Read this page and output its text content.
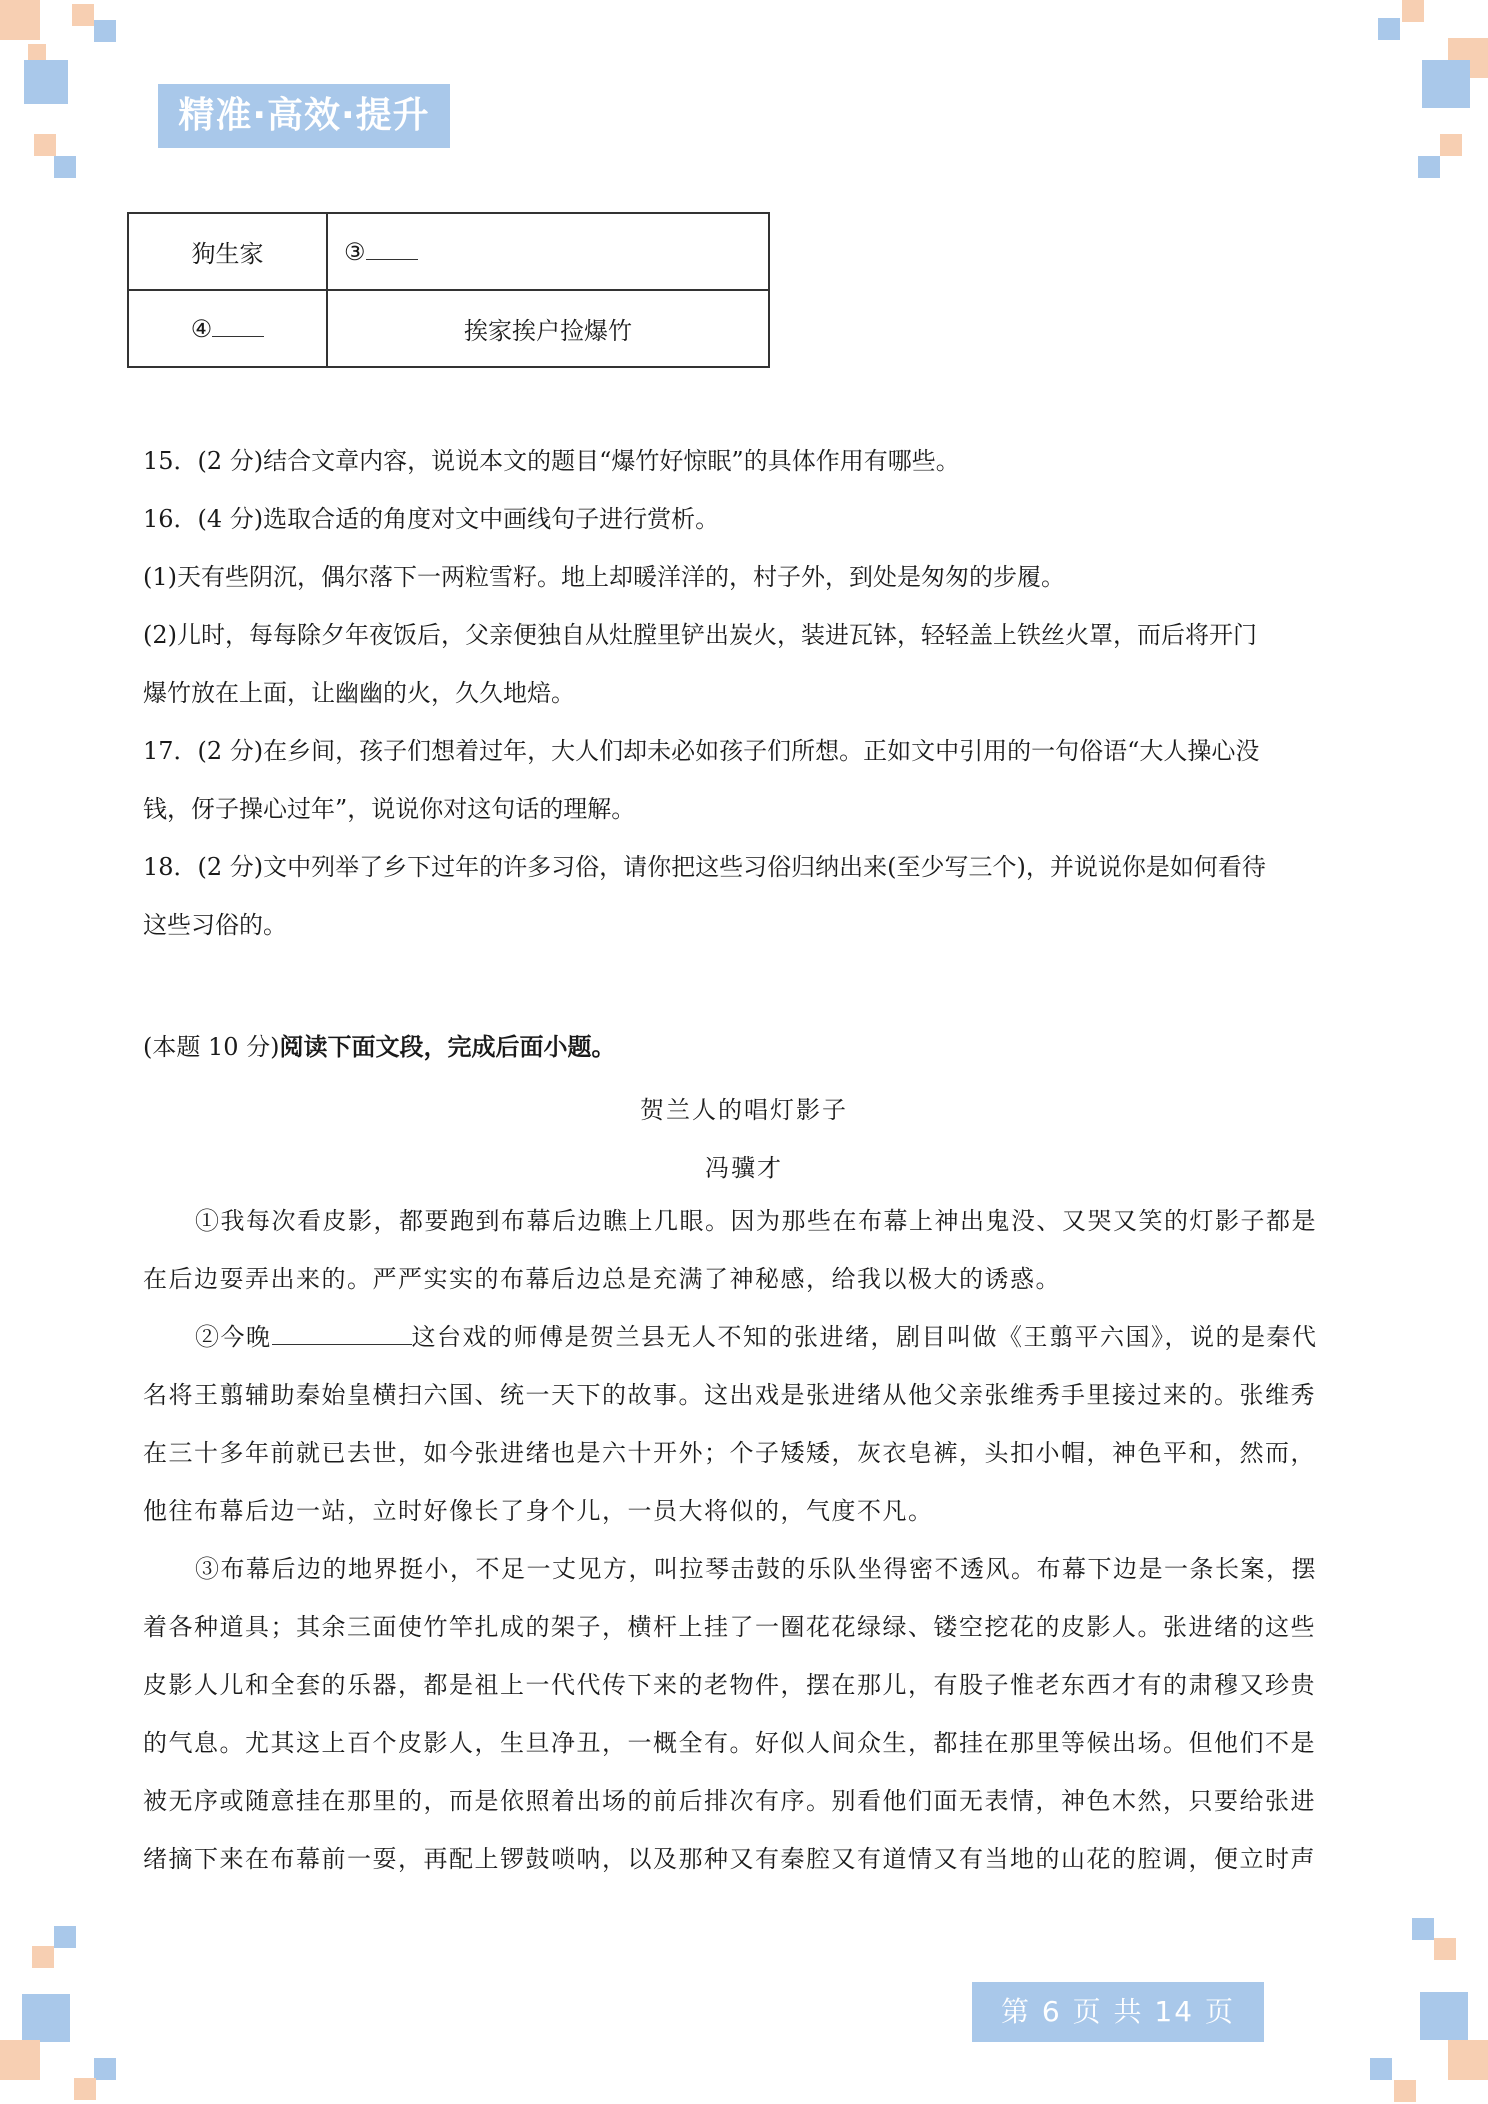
精准·高效·提升
狗生家	③
④	挨家挨户捡爆竹
15．(2 分)结合文章内容，说说本文的题目“爆竹好惊眠”的具体作用有哪些。
16．(4 分)选取合适的角度对文中画线句子进行赏析。
(1)天有些阴沉，偶尔落下一两粒雪籽。地上却暖洋洋的，村子外，到处是匆匆的步履。
(2)儿时，每每除夕年夜饭后，父亲便独自从灶膛里铲出炭火，装进瓦钵，轻轻盖上铁丝火罩，而后将开门
爆竹放在上面，让幽幽的火，久久地焙。
17．(2 分)在乡间，孩子们想着过年，大人们却未必如孩子们所想。正如文中引用的一句俗语“大人操心没
钱，伢子操心过年”，说说你对这句话的理解。
18．(2 分)文中列举了乡下过年的许多习俗，请你把这些习俗归纳出来(至少写三个)，并说说你是如何看待
这些习俗的。
(本题 10 分)阅读下面文段，完成后面小题。
贺兰人的唱灯影子
冯骥才
①我每次看皮影，都要跑到布幕后边瞧上几眼。因为那些在布幕上神出鬼没、又哭又笑的灯影子都是
在后边耍弄出来的。严严实实的布幕后边总是充满了神秘感，给我以极大的诱惑。
②今晚	这台戏的师傅是贺兰县无人不知的张进绪，剧目叫做《王翦平六国》，说的是秦代
名将王翦辅助秦始皇横扫六国、统一天下的故事。这出戏是张进绪从他父亲张维秀手里接过来的。张维秀
在三十多年前就已去世，如今张进绪也是六十开外；个子矮矮，灰衣皂裤，头扣小帽，神色平和，然而，
他往布幕后边一站，立时好像长了身个儿，一员大将似的，气度不凡。
③布幕后边的地界挺小，不足一丈见方，叫拉琴击鼓的乐队坐得密不透风。布幕下边是一条长案，摆
着各种道具；其余三面使竹竿扎成的架子，横杆上挂了一圈花花绿绿、镂空挖花的皮影人。张进绪的这些
皮影人儿和全套的乐器，都是祖上一代代传下来的老物件，摆在那儿，有股子惟老东西才有的肃穆又珍贵
的气息。尤其这上百个皮影人，生旦净丑，一概全有。好似人间众生，都挂在那里等候出场。但他们不是
被无序或随意挂在那里的，而是依照着出场的前后排次有序。别看他们面无表情，神色木然，只要给张进
绪摘下来在布幕前一耍，再配上锣鼓唢呐，以及那种又有秦腔又有道情又有当地的山花的腔调，便立时声
第 6 页 共 14 页
